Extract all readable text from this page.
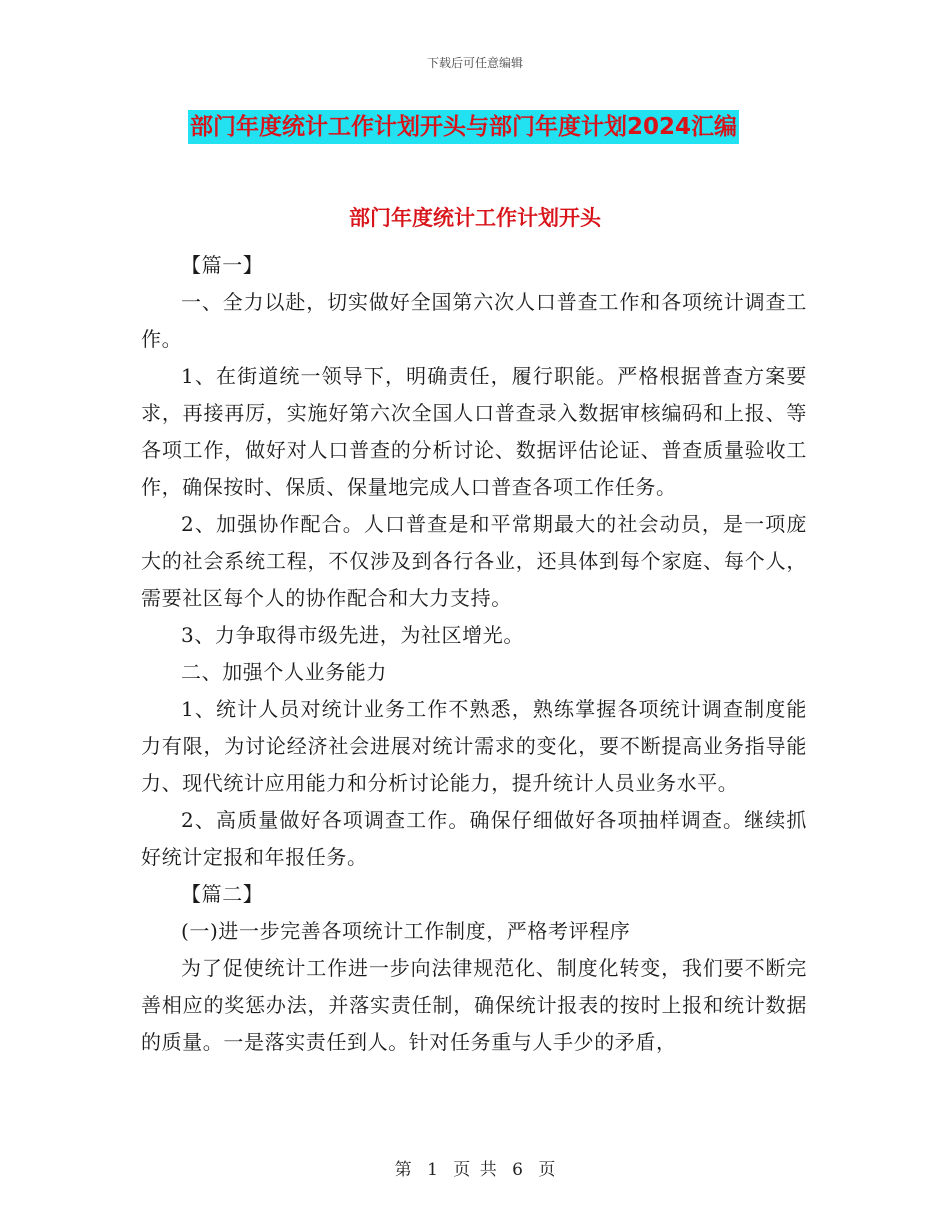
下载后可任意编辑
部门年度统计工作计划开头与部门年度计划2024汇编
部门年度统计工作计划开头

【篇一】

一、全力以赴，切实做好全国第六次人口普查工作和各项统计调查工作。

1、在街道统一领导下，明确责任，履行职能。严格根据普查方案要求，再接再厉，实施好第六次全国人口普查录入数据审核编码和上报、等各项工作，做好对人口普查的分析讨论、数据评估论证、普查质量验收工作，确保按时、保质、保量地完成人口普查各项工作任务。

2、加强协作配合。人口普查是和平常期最大的社会动员，是一项庞大的社会系统工程，不仅涉及到各行各业，还具体到每个家庭、每个人，需要社区每个人的协作配合和大力支持。

3、力争取得市级先进，为社区增光。

二、加强个人业务能力

1、统计人员对统计业务工作不熟悉，熟练掌握各项统计调查制度能力有限，为讨论经济社会进展对统计需求的变化，要不断提高业务指导能力、现代统计应用能力和分析讨论能力，提升统计人员业务水平。

2、高质量做好各项调查工作。确保仔细做好各项抽样调查。继续抓好统计定报和年报任务。

【篇二】

(一)进一步完善各项统计工作制度，严格考评程序

为了促使统计工作进一步向法律规范化、制度化转变，我们要不断完善相应的奖惩办法，并落实责任制，确保统计报表的按时上报和统计数据的质量。一是落实责任到人。针对任务重与人手少的矛盾，

第 1 页 共 6 页
